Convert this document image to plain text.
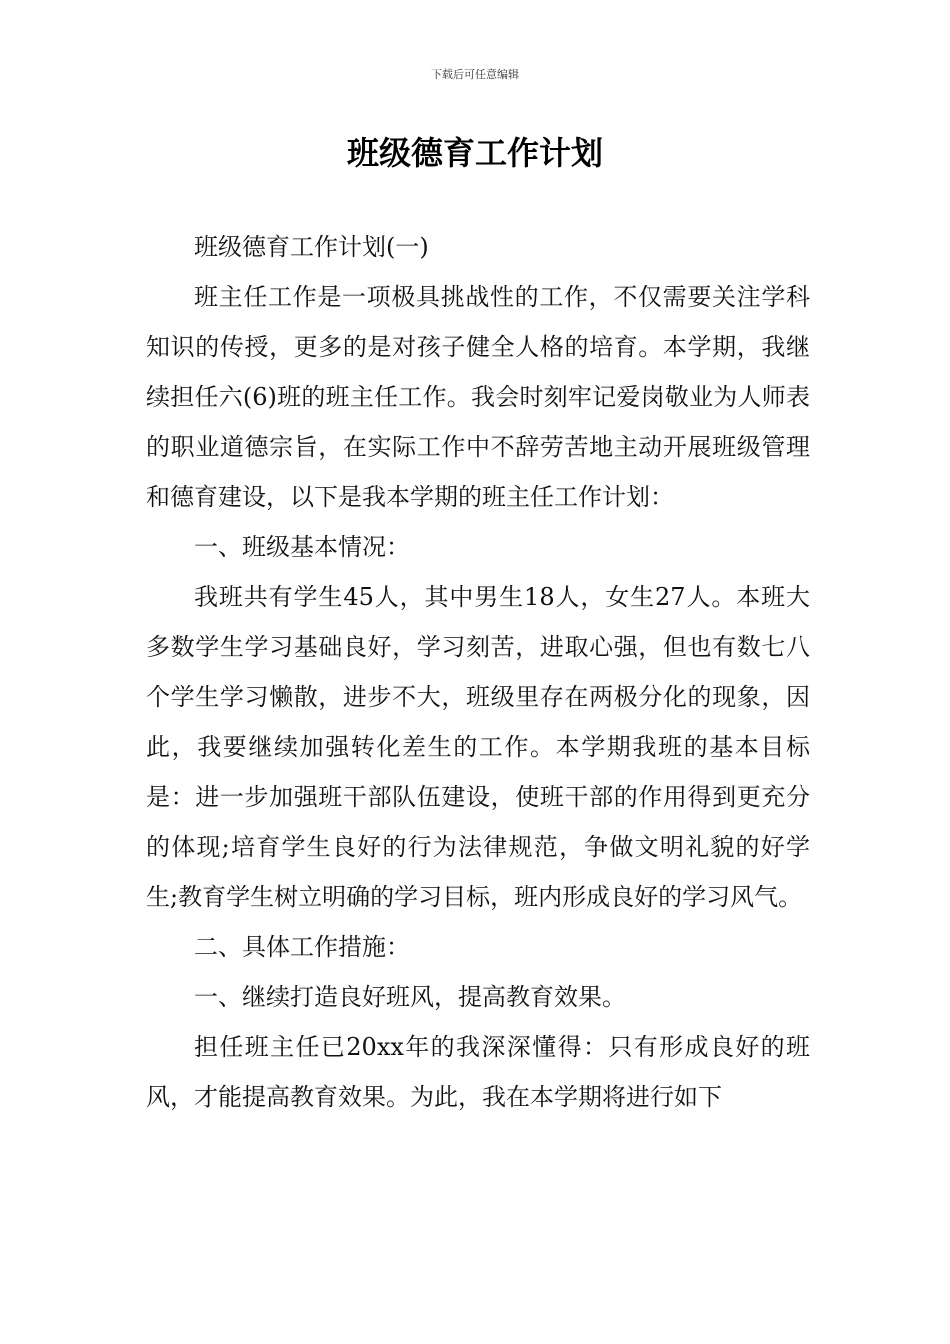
下载后可任意编辑
班级德育工作计划

班级德育工作计划(一)

班主任工作是一项极具挑战性的工作，不仅需要关注学科知识的传授，更多的是对孩子健全人格的培育。本学期，我继续担任六(6)班的班主任工作。我会时刻牢记爱岗敬业为人师表的职业道德宗旨，在实际工作中不辞劳苦地主动开展班级管理和德育建设，以下是我本学期的班主任工作计划：

一、班级基本情况：

我班共有学生45人，其中男生18人，女生27人。本班大多数学生学习基础良好，学习刻苦，进取心强，但也有数七八个学生学习懒散，进步不大，班级里存在两极分化的现象，因此，我要继续加强转化差生的工作。本学期我班的基本目标是：进一步加强班干部队伍建设，使班干部的作用得到更充分的体现;培育学生良好的行为法律规范，争做文明礼貌的好学生;教育学生树立明确的学习目标，班内形成良好的学习风气。

二、具体工作措施：

一、继续打造良好班风，提高教育效果。

担任班主任已20xx年的我深深懂得：只有形成良好的班风，才能提高教育效果。为此，我在本学期将进行如下
